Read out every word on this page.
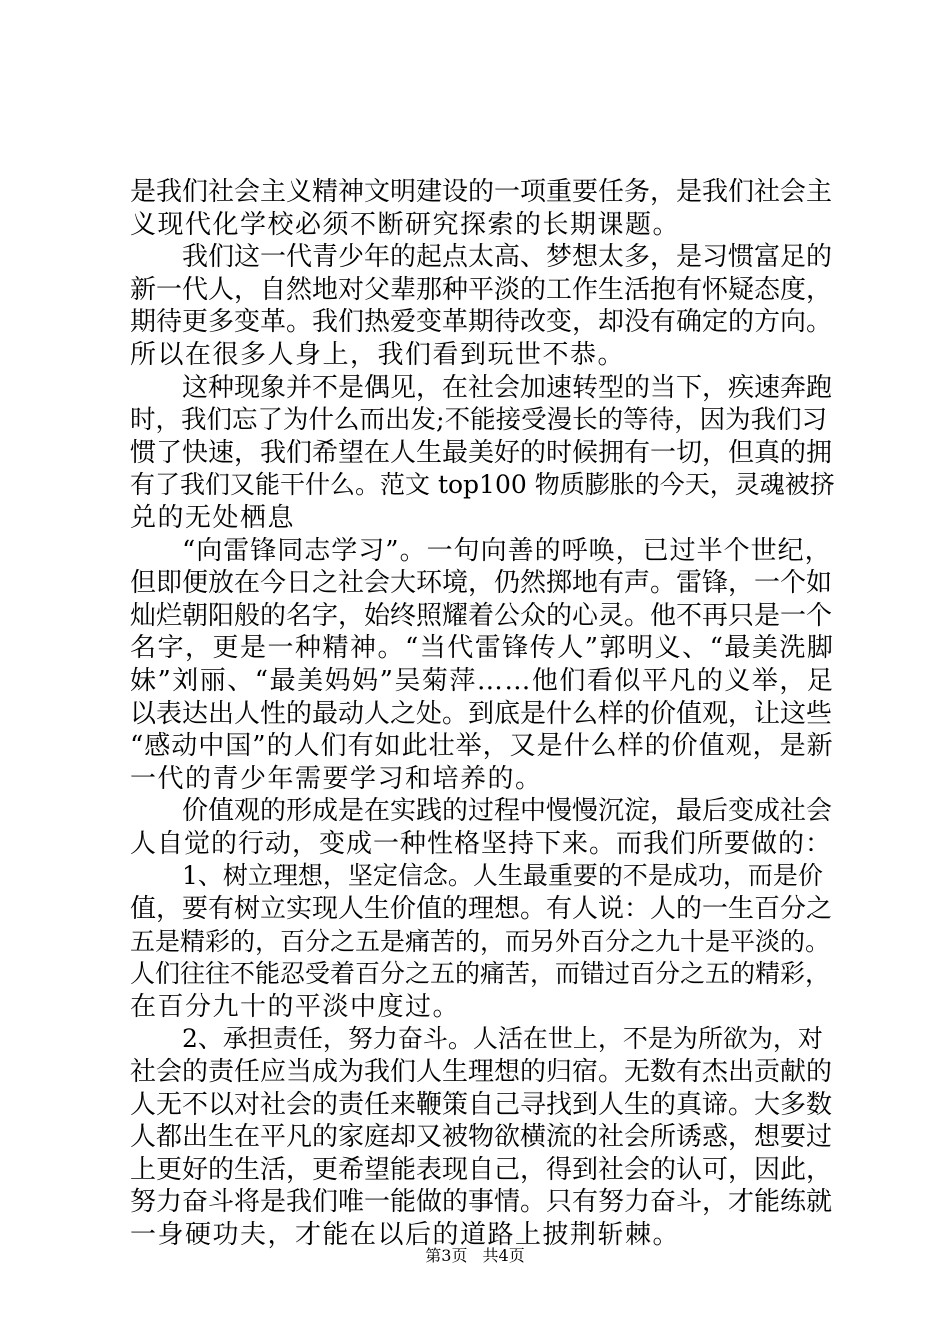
是我们社会主义精神文明建设的一项重要任务，是我们社会主
义现代化学校必须不断研究探索的长期课题。
我们这一代青少年的起点太高、梦想太多，是习惯富足的
新一代人，自然地对父辈那种平淡的工作生活抱有怀疑态度，
期待更多变革。我们热爱变革期待改变，却没有确定的方向。
所以在很多人身上，我们看到玩世不恭。
这种现象并不是偶见，在社会加速转型的当下，疾速奔跑
时，我们忘了为什么而出发;不能接受漫长的等待，因为我们习
惯了快速，我们希望在人生最美好的时候拥有一切，但真的拥
有了我们又能干什么。范文 top100 物质膨胀的今天，灵魂被挤
兑的无处栖息
“向雷锋同志学习”。一句向善的呼唤，已过半个世纪，
但即便放在今日之社会大环境，仍然掷地有声。雷锋，一个如
灿烂朝阳般的名字，始终照耀着公众的心灵。他不再只是一个
名字，更是一种精神。“当代雷锋传人”郭明义、“最美洗脚
妹”刘丽、“最美妈妈”吴菊萍……他们看似平凡的义举，足
以表达出人性的最动人之处。到底是什么样的价值观，让这些
“感动中国”的人们有如此壮举，又是什么样的价值观，是新
一代的青少年需要学习和培养的。
价值观的形成是在实践的过程中慢慢沉淀，最后变成社会
人自觉的行动，变成一种性格坚持下来。而我们所要做的：
1、树立理想，坚定信念。人生最重要的不是成功，而是价
值，要有树立实现人生价值的理想。有人说：人的一生百分之
五是精彩的，百分之五是痛苦的，而另外百分之九十是平淡的。
人们往往不能忍受着百分之五的痛苦，而错过百分之五的精彩，
在百分九十的平淡中度过。
2、承担责任，努力奋斗。人活在世上，不是为所欲为，对
社会的责任应当成为我们人生理想的归宿。无数有杰出贡献的
人无不以对社会的责任来鞭策自己寻找到人生的真谛。大多数
人都出生在平凡的家庭却又被物欲横流的社会所诱惑，想要过
上更好的生活，更希望能表现自己，得到社会的认可，因此，
努力奋斗将是我们唯一能做的事情。只有努力奋斗，才能练就
一身硬功夫，才能在以后的道路上披荆斩棘。
第3页 共4页
